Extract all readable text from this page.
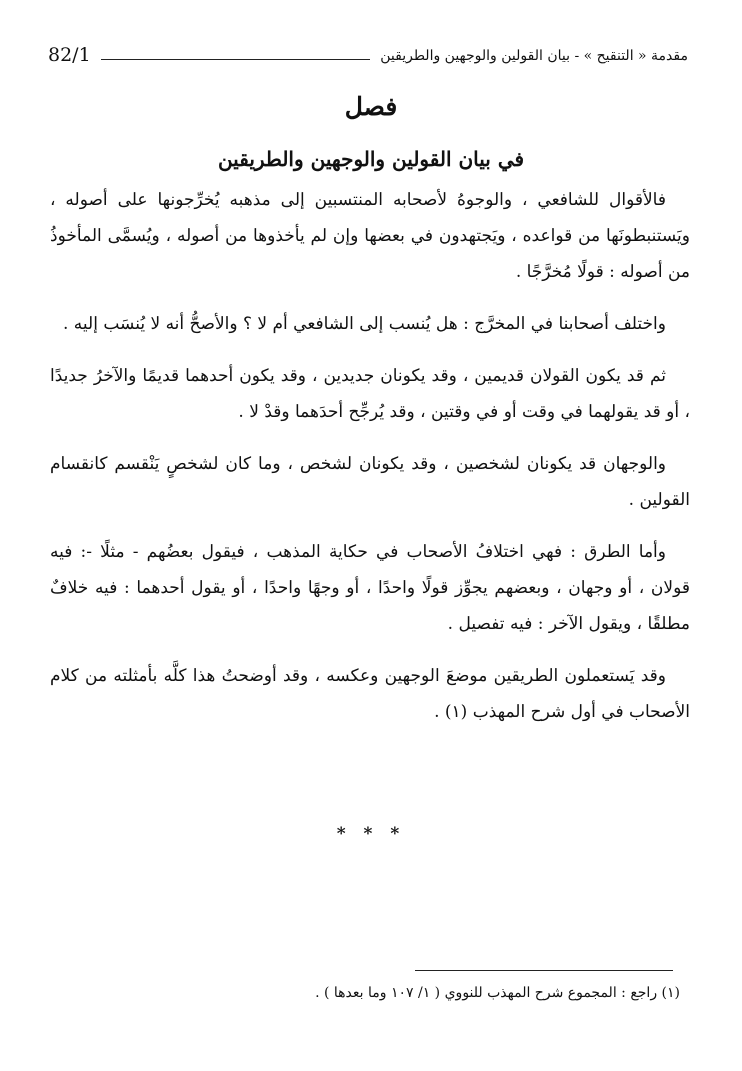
82/1	مقدمة « التنقيح » - بيان القولين والوجهين والطريقين
فصل
في بيان القولين والوجهين والطريقين

فالأقوال للشافعي ، والوجوهُ لأصحابه المنتسبين إلى مذهبه يُخرِّجونها على أصوله ، ويَستنبطونَها من قواعده ، ويَجتهدون في بعضها وإن لم يأخذوها من أصوله ، ويُسمَّى المأخوذُ من أصوله : قولًا مُخرَّجًا .

واختلف أصحابنا في المخرَّج : هل يُنسب إلى الشافعي أم لا ؟ والأصحُّ أنه لا يُنسَب إليه .

ثم قد يكون القولان قديمين ، وقد يكونان جديدين ، وقد يكون أحدهما قديمًا والآخرُ جديدًا ، أو قد يقولهما في وقت أو في وقتين ، وقد يُرجِّح أحدَهما وقدْ لا .

والوجهان قد يكونان لشخصين ، وقد يكونان لشخص ، وما كان لشخصٍ يَنْقسم كانقسام القولين .

وأما الطرق : فهي اختلافُ الأصحاب في حكاية المذهب ، فيقول بعضُهم - مثلًا -: فيه قولان ، أو وجهان ، وبعضهم يجوِّز قولًا واحدًا ، أو وجهًا واحدًا ، أو يقول أحدهما : فيه خلافٌ مطلقًا ، ويقول الآخر : فيه تفصيل .

وقد يَستعملون الطريقين موضعَ الوجهين وعكسه ، وقد أوضحتُ هذا كلَّه بأمثلته من كلام الأصحاب في أول شرح المهذب (١) .

* * *
(١) راجع : المجموع شرح المهذب للنووي ( ١/ ١٠٧ وما بعدها ) .
